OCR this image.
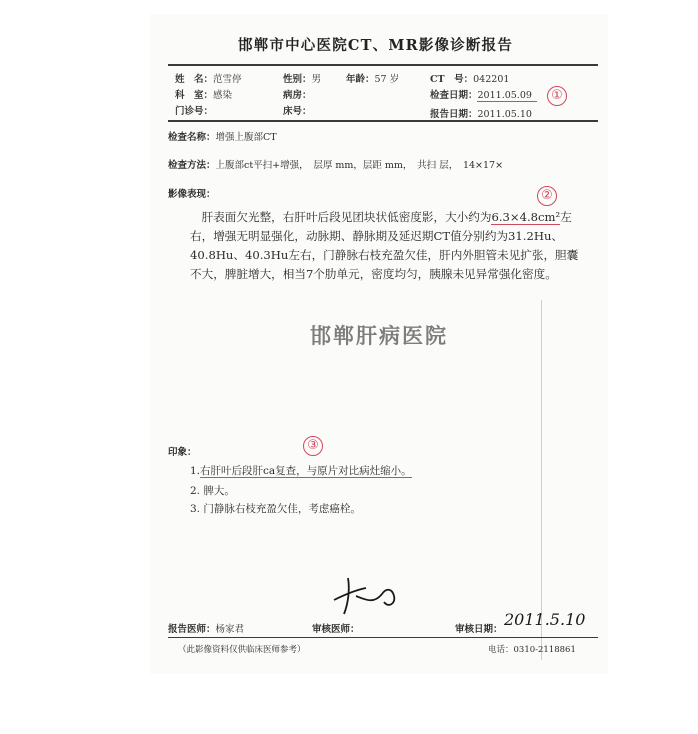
邯郸市中心医院CT、MR影像诊断报告
姓　名：范雪停	性别：男	年龄：57 岁	CT　号：042201
科　室：感染	病房：	检查日期：2011.05.09	①
门诊号：	床号：	报告日期：2011.05.10
检查名称：增强上腹部CT
检查方法：上腹部ct平扫+增强，　层厚 mm，层距 mm，　共扫 层，　14×17×
影像表现：	②
　肝表面欠光整，右肝叶后段见团块状低密度影，大小约为6.3×4.8cm²左
右，增强无明显强化，动脉期、静脉期及延迟期CT值分别约为31.2Hu、
40.8Hu、40.3Hu左右，门静脉右枝充盈欠佳，肝内外胆管未见扩张，胆囊
不大，脾脏增大，相当7个肋单元，密度均匀，胰腺未见异常强化密度。
邯郸肝病医院
印象：	③
1.右肝叶后段肝ca复查，与原片对比病灶缩小。
2. 脾大。
3. 门静脉右枝充盈欠佳，考虑癌栓。
报告医师：杨家君	审核医师：	审核日期：
2011.5.10
（此影像资料仅供临床医师参考）	电话：0310-2118861
